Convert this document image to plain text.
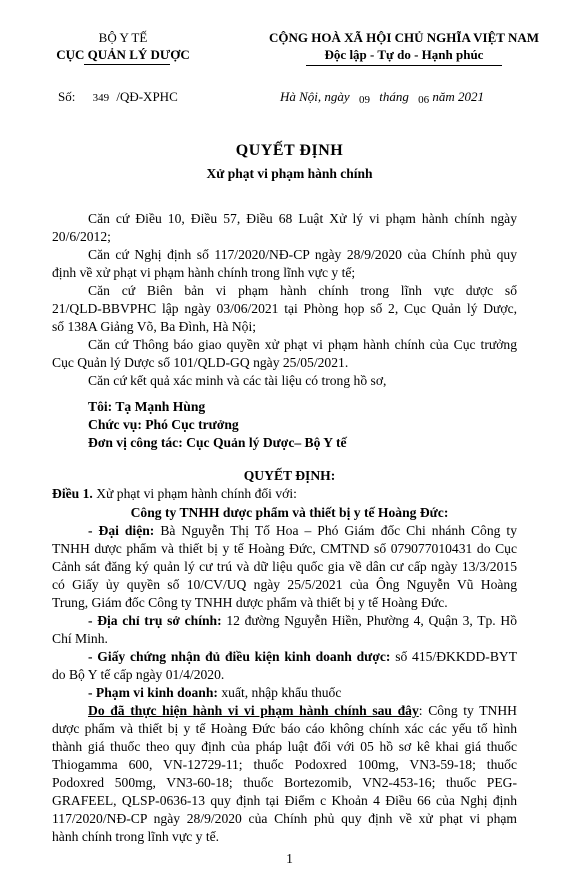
BỘ Y TẾ
CỤC QUẢN LÝ DƯỢC
CỘNG HOÀ XÃ HỘI CHỦ NGHĨA VIỆT NAM
Độc lập - Tự do - Hạnh phúc
Số: 349 /QĐ-XPHC	Hà Nội, ngày 09 tháng 06 năm 2021
QUYẾT ĐỊNH
Xử phạt vi phạm hành chính
Căn cứ Điều 10, Điều 57, Điều 68 Luật Xử lý vi phạm hành chính ngày
20/6/2012;
Căn cứ Nghị định số 117/2020/NĐ-CP ngày 28/9/2020 của Chính phủ quy
định về xử phạt vi phạm hành chính trong lĩnh vực y tế;
Căn cứ Biên bản vi phạm hành chính trong lĩnh vực dược số
21/QLD-BBVPHC lập ngày 03/06/2021 tại Phòng họp số 2, Cục Quản lý Dược,
số 138A Giảng Võ, Ba Đình, Hà Nội;
Căn cứ Thông báo giao quyền xử phạt vi phạm hành chính của Cục trưởng
Cục Quản lý Dược số 101/QLD-GQ ngày 25/05/2021.
Căn cứ kết quả xác minh và các tài liệu có trong hồ sơ,
Tôi: Tạ Mạnh Hùng
Chức vụ: Phó Cục trưởng
Đơn vị công tác: Cục Quản lý Dược– Bộ Y tế
QUYẾT ĐỊNH:
Điều 1. Xử phạt vi phạm hành chính đối với:
Công ty TNHH dược phẩm và thiết bị y tế Hoàng Đức:
- Đại diện: Bà Nguyễn Thị Tố Hoa – Phó Giám đốc Chi nhánh Công ty
TNHH dược phẩm và thiết bị y tế Hoàng Đức, CMTND số 079077010431 do Cục
Cảnh sát đăng ký quản lý cư trú và dữ liệu quốc gia về dân cư cấp ngày 13/3/2015
có Giấy ủy quyền số 10/CV/UQ ngày 25/5/2021 của Ông Nguyễn Vũ Hoàng
Trung, Giám đốc Công ty TNHH dược phẩm và thiết bị y tế Hoàng Đức.
- Địa chỉ trụ sở chính: 12 đường Nguyễn Hiền, Phường 4, Quận 3, Tp. Hồ
Chí Minh.
- Giấy chứng nhận đủ điều kiện kinh doanh dược: số 415/ĐKKDD-BYT
do Bộ Y tế cấp ngày 01/4/2020.
- Phạm vi kinh doanh: xuất, nhập khẩu thuốc
Do đã thực hiện hành vi vi phạm hành chính sau đây: Công ty TNHH
dược phẩm và thiết bị y tế Hoàng Đức báo cáo không chính xác các yếu tố hình
thành giá thuốc theo quy định của pháp luật đối với 05 hồ sơ kê khai giá thuốc
Thiogamma 600, VN-12729-11; thuốc Podoxred 100mg, VN3-59-18; thuốc
Podoxred 500mg, VN3-60-18; thuốc Bortezomib, VN2-453-16; thuốc PEG-
GRAFEEL, QLSP-0636-13 quy định tại Điểm c Khoản 4 Điều 66 của Nghị định
117/2020/NĐ-CP ngày 28/9/2020 của Chính phủ quy định về xử phạt vi phạm
hành chính trong lĩnh vực y tế.
1
